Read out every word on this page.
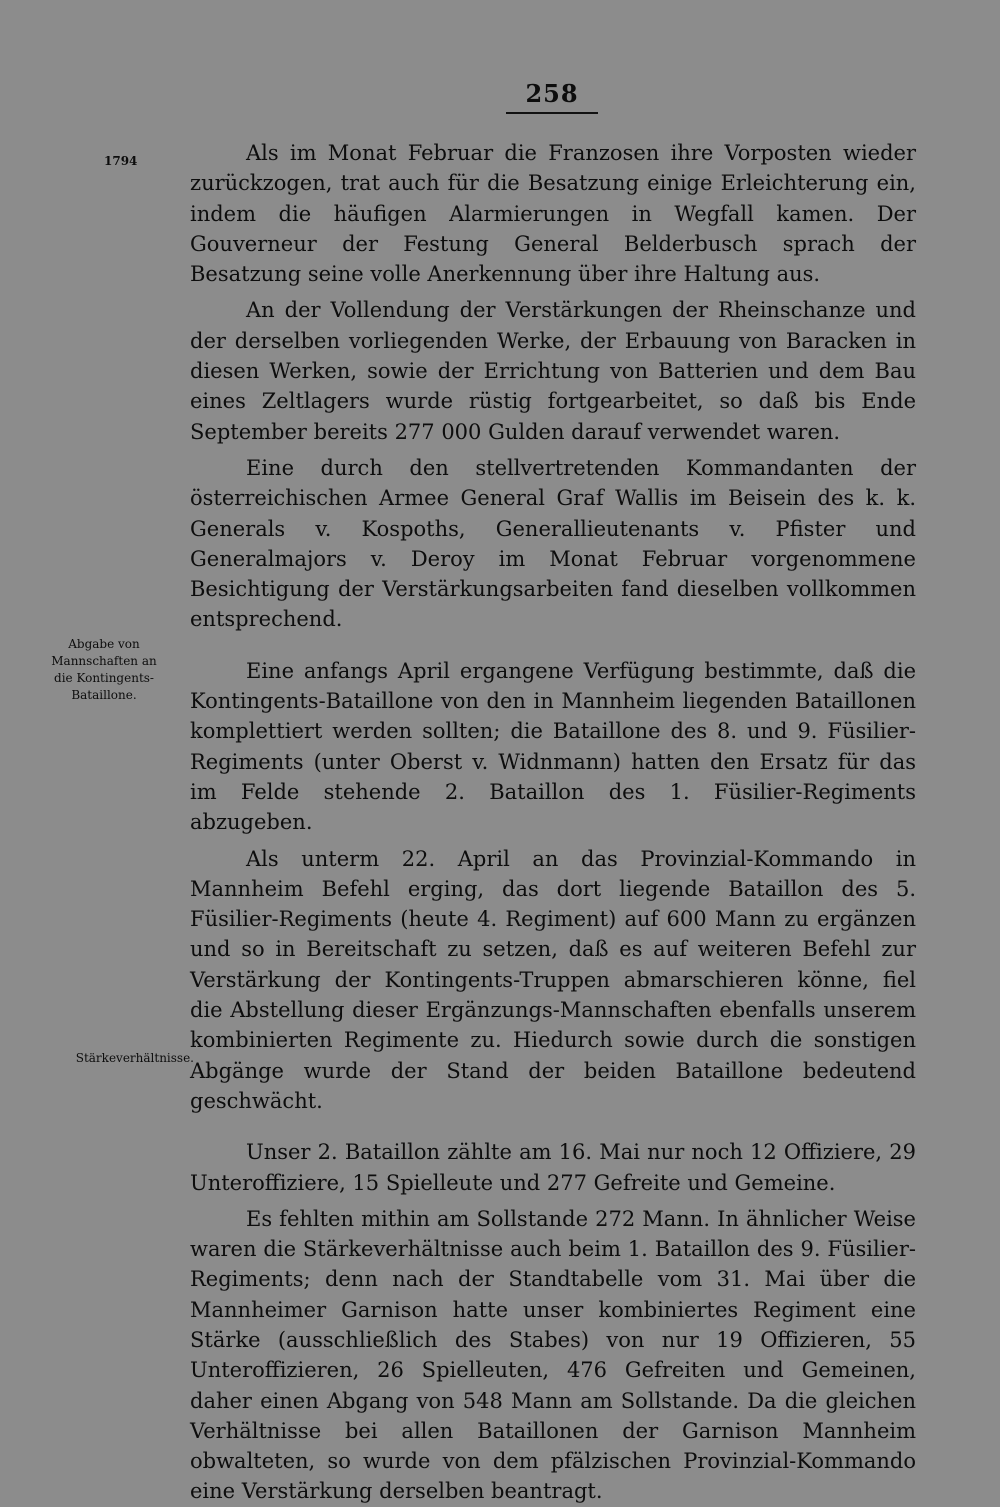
258
1794
Abgabe von
Mannschaften an
die Kontingents-
Bataillone.
Stärkeverhältnisse.

Als im Monat Februar die Franzosen ihre Vorposten wieder zurückzogen, trat auch für die Besatzung einige Erleichterung ein, indem die häufigen Alarmierungen in Wegfall kamen. Der Gouverneur der Festung General Belderbusch sprach der Besatzung seine volle Anerkennung über ihre Haltung aus.

An der Vollendung der Verstärkungen der Rheinschanze und der derselben vorliegenden Werke, der Erbauung von Baracken in diesen Werken, sowie der Errichtung von Batterien und dem Bau eines Zeltlagers wurde rüstig fortgearbeitet, so daß bis Ende September bereits 277 000 Gulden darauf verwendet waren.

Eine durch den stellvertretenden Kommandanten der österreichischen Armee General Graf Wallis im Beisein des k. k. Generals v. Kospoths, Generallieutenants v. Pfister und Generalmajors v. Deroy im Monat Februar vorgenommene Besichtigung der Verstärkungsarbeiten fand dieselben vollkommen entsprechend.

Eine anfangs April ergangene Verfügung bestimmte, daß die Kontingents-Bataillone von den in Mannheim liegenden Bataillonen komplettiert werden sollten; die Bataillone des 8. und 9. Füsilier-Regiments (unter Oberst v. Widnmann) hatten den Ersatz für das im Felde stehende 2. Bataillon des 1. Füsilier-Regiments abzugeben.

Als unterm 22. April an das Provinzial-Kommando in Mannheim Befehl erging, das dort liegende Bataillon des 5. Füsilier-Regiments (heute 4. Regiment) auf 600 Mann zu ergänzen und so in Bereitschaft zu setzen, daß es auf weiteren Befehl zur Verstärkung der Kontingents-Truppen abmarschieren könne, fiel die Abstellung dieser Ergänzungs-Mannschaften ebenfalls unserem kombinierten Regimente zu. Hiedurch sowie durch die sonstigen Abgänge wurde der Stand der beiden Bataillone bedeutend geschwächt.

Unser 2. Bataillon zählte am 16. Mai nur noch 12 Offiziere, 29 Unteroffiziere, 15 Spielleute und 277 Gefreite und Gemeine.

Es fehlten mithin am Sollstande 272 Mann. In ähnlicher Weise waren die Stärkeverhältnisse auch beim 1. Bataillon des 9. Füsilier-Regiments; denn nach der Standtabelle vom 31. Mai über die Mannheimer Garnison hatte unser kombiniertes Regiment eine Stärke (ausschließlich des Stabes) von nur 19 Offizieren, 55 Unteroffizieren, 26 Spielleuten, 476 Gefreiten und Gemeinen, daher einen Abgang von 548 Mann am Sollstande. Da die gleichen Verhältnisse bei allen Bataillonen der Garnison Mannheim obwalteten, so wurde von dem pfälzischen Provinzial-Kommando eine Verstärkung derselben beantragt.
